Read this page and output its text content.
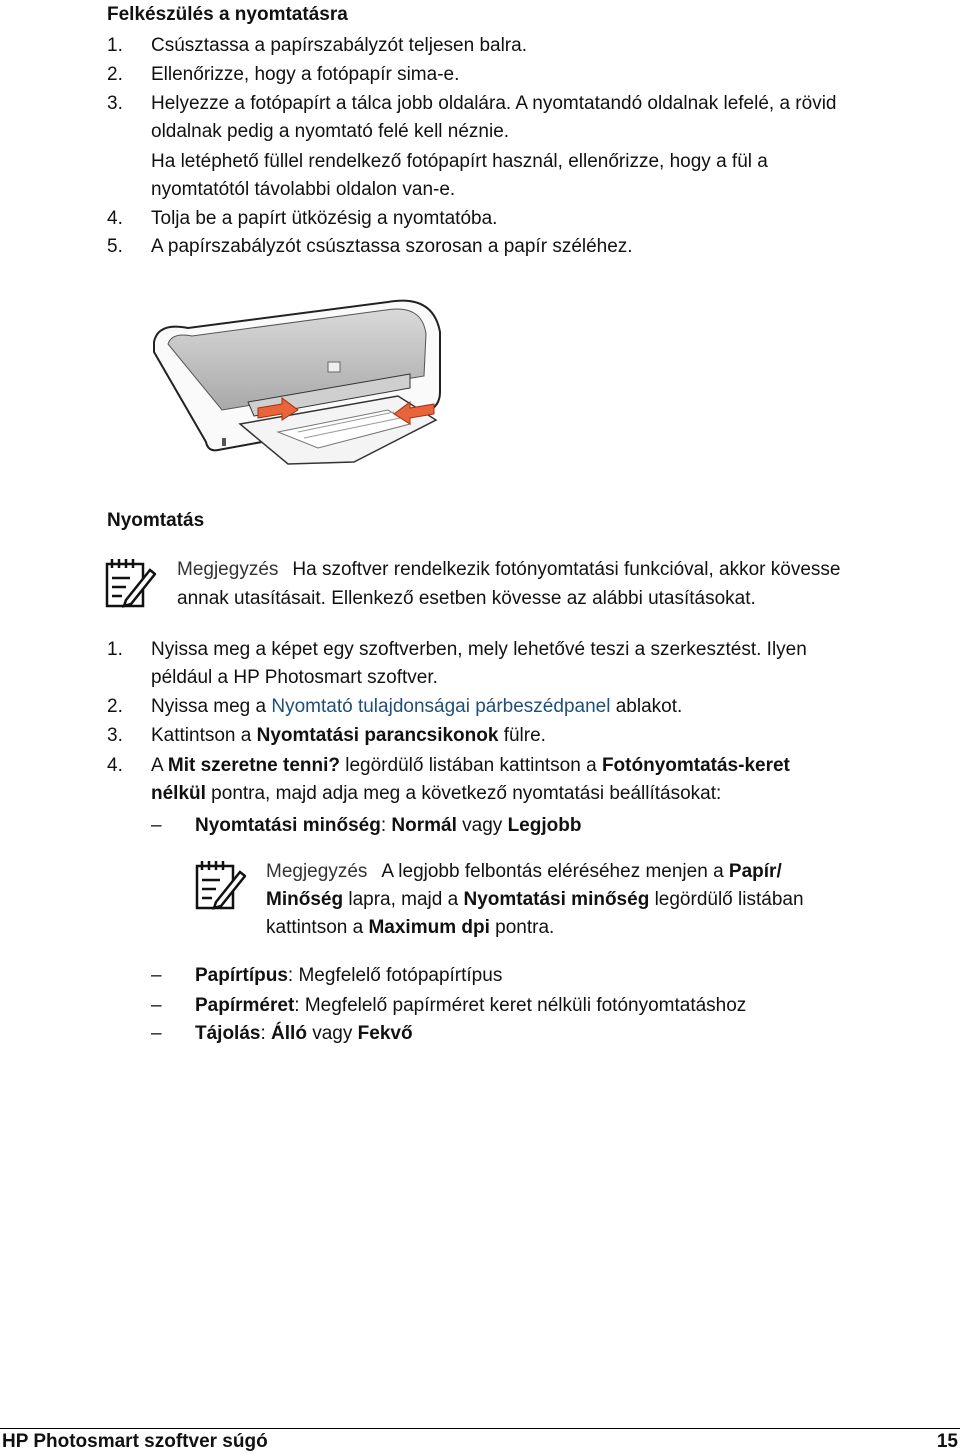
Felkészülés a nyomtatásra
1. Csúsztassa a papírszabályzót teljesen balra.
2. Ellenőrizze, hogy a fotópapír sima-e.
3. Helyezze a fotópapírt a tálca jobb oldalára. A nyomtatandó oldalnak lefelé, a rövid
oldalnak pedig a nyomtató felé kell néznie.
Ha letéphető füllel rendelkező fotópapírt használ, ellenőrizze, hogy a fül a
nyomtatótól távolabbi oldalon van-e.
4. Tolja be a papírt ütközésig a nyomtatóba.
5. A papírszabályzót csúsztassa szorosan a papír széléhez.
Nyomtatás
Megjegyzés Ha szoftver rendelkezik fotónyomtatási funkcióval, akkor kövesse
annak utasításait. Ellenkező esetben kövesse az alábbi utasításokat.
1. Nyissa meg a képet egy szoftverben, mely lehetővé teszi a szerkesztést. Ilyen
például a HP Photosmart szoftver.
2. Nyissa meg a Nyomtató tulajdonságai párbeszédpanel ablakot.
3. Kattintson a Nyomtatási parancsikonok fülre.
4. A Mit szeretne tenni? legördülő listában kattintson a Fotónyomtatás-keret
nélkül pontra, majd adja meg a következő nyomtatási beállításokat:
– Nyomtatási minőség: Normál vagy Legjobb
Megjegyzés A legjobb felbontás eléréséhez menjen a Papír/
Minőség lapra, majd a Nyomtatási minőség legördülő listában
kattintson a Maximum dpi pontra.
– Papírtípus: Megfelelő fotópapírtípus
– Papírméret: Megfelelő papírméret keret nélküli fotónyomtatáshoz
– Tájolás: Álló vagy Fekvő
HP Photosmart szoftver súgó	15
